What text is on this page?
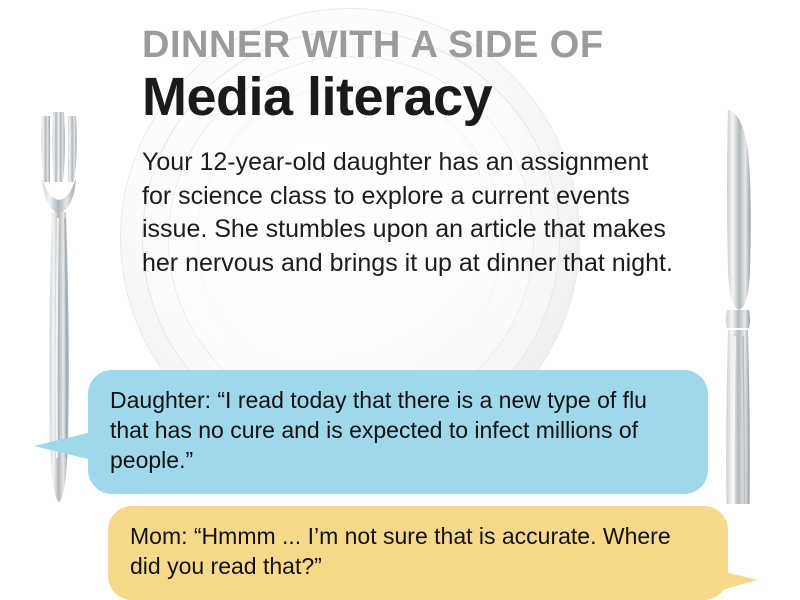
DINNER WITH A SIDE OF
Media literacy
Your 12-year-old daughter has an assignment for science class to explore a current events issue. She stumbles upon an article that makes her nervous and brings it up at dinner that night.
Daughter: “I read today that there is a new type of flu that has no cure and is expected to infect millions of people.”
Mom: “Hmmm ... I’m not sure that is accurate. Where did you read that?”
